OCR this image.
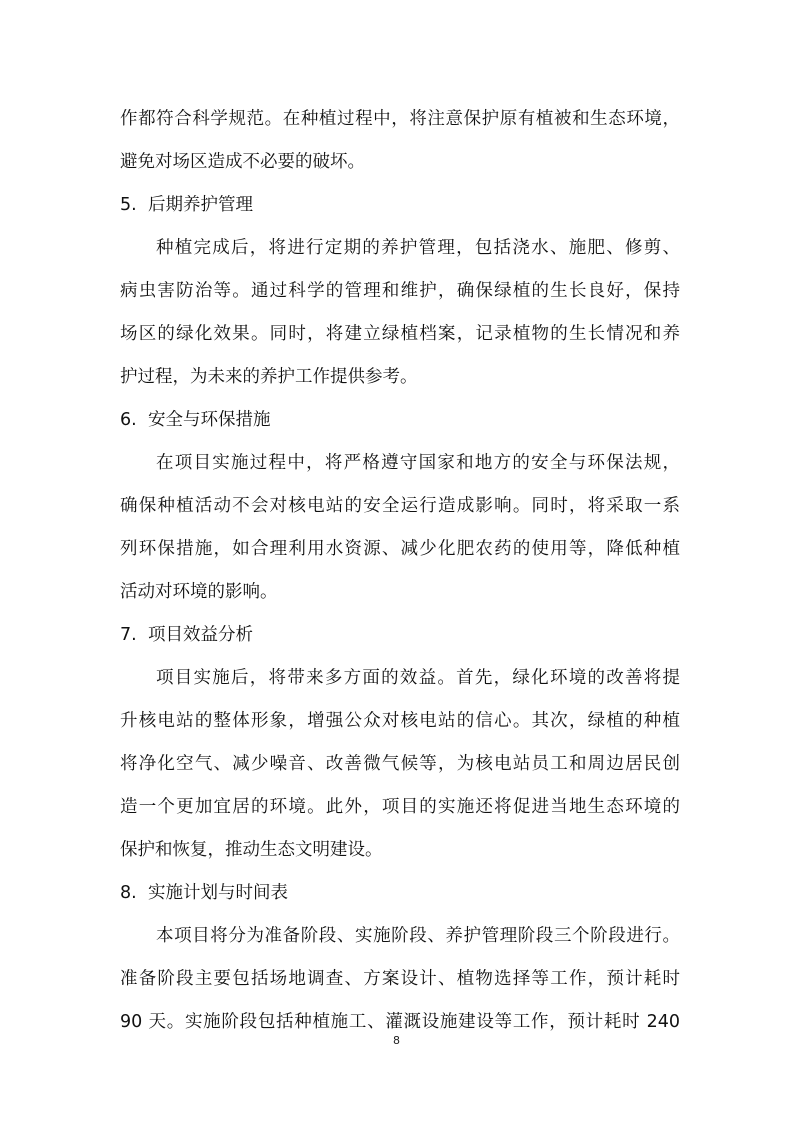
作都符合科学规范。在种植过程中，将注意保护原有植被和生态环境，
避免对场区造成不必要的破坏。
5. 后期养护管理
种植完成后，将进行定期的养护管理，包括浇水、施肥、修剪、
病虫害防治等。通过科学的管理和维护，确保绿植的生长良好，保持
场区的绿化效果。同时，将建立绿植档案，记录植物的生长情况和养
护过程，为未来的养护工作提供参考。
6. 安全与环保措施
在项目实施过程中，将严格遵守国家和地方的安全与环保法规，
确保种植活动不会对核电站的安全运行造成影响。同时，将采取一系
列环保措施，如合理利用水资源、减少化肥农药的使用等，降低种植
活动对环境的影响。
7. 项目效益分析
项目实施后，将带来多方面的效益。首先，绿化环境的改善将提
升核电站的整体形象，增强公众对核电站的信心。其次，绿植的种植
将净化空气、减少噪音、改善微气候等，为核电站员工和周边居民创
造一个更加宜居的环境。此外，项目的实施还将促进当地生态环境的
保护和恢复，推动生态文明建设。
8. 实施计划与时间表
本项目将分为准备阶段、实施阶段、养护管理阶段三个阶段进行。
准备阶段主要包括场地调查、方案设计、植物选择等工作，预计耗时
90 天。实施阶段包括种植施工、灌溉设施建设等工作，预计耗时 240
8
